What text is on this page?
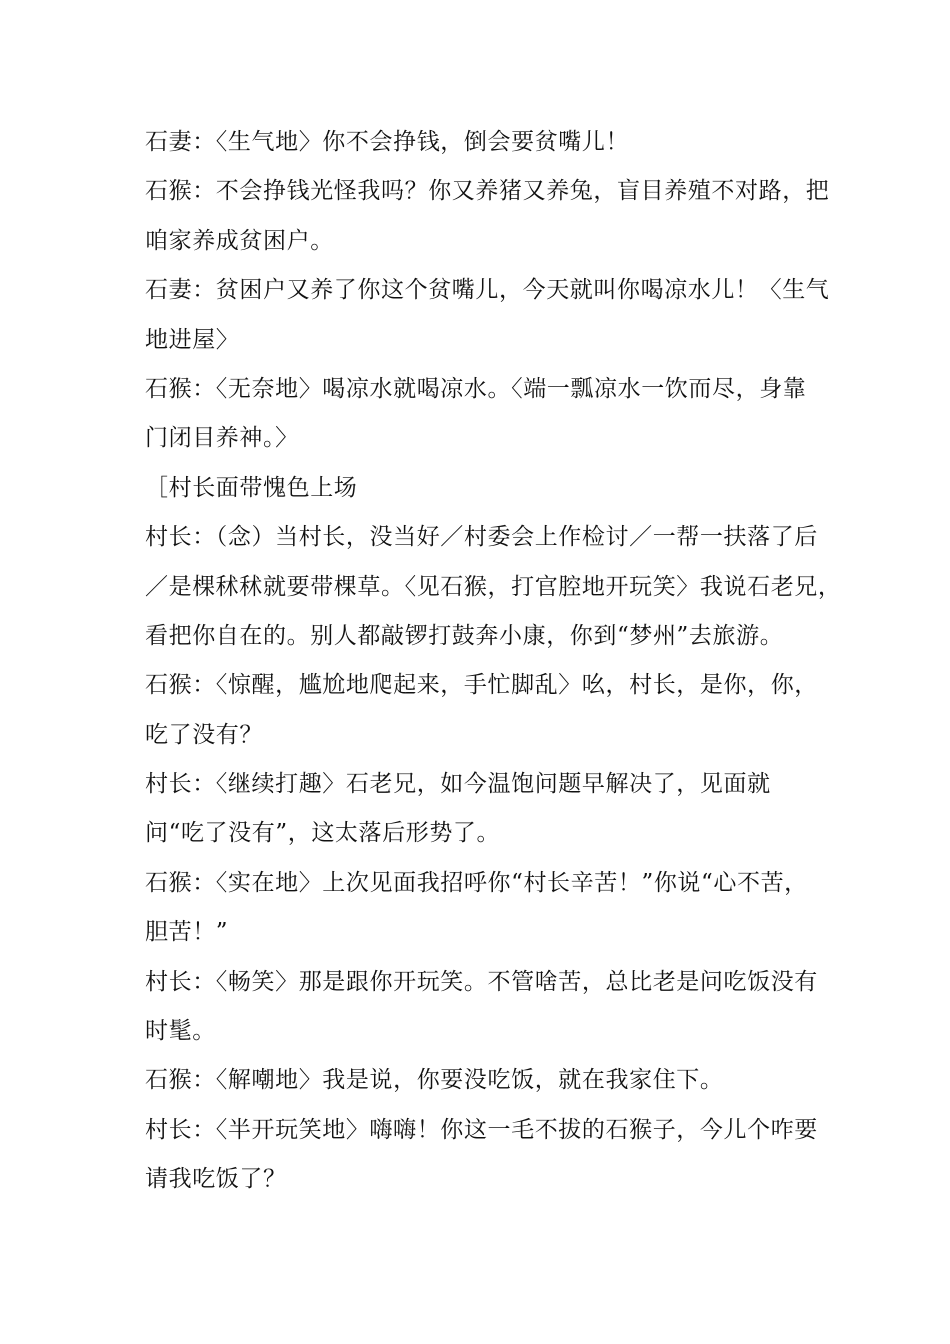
石妻：〈生气地〉你不会挣钱，倒会要贫嘴儿！
石猴：不会挣钱光怪我吗？你又养猪又养兔，盲目养殖不对路，把
咱家养成贫困户。
石妻：贫困户又养了你这个贫嘴儿，今天就叫你喝凉水儿！〈生气
地进屋〉
石猴：〈无奈地〉喝凉水就喝凉水。〈端一瓢凉水一饮而尽，身靠
门闭目养神。〉
［村长面带愧色上场
村长：（念）当村长，没当好／村委会上作检讨／一帮一扶落了后
／是棵秫秫就要带棵草。〈见石猴，打官腔地开玩笑〉我说石老兄，
看把你自在的。别人都敲锣打鼓奔小康，你到“梦州”去旅游。
石猴：〈惊醒，尴尬地爬起来，手忙脚乱〉吆，村长，是你，你，
吃了没有？
村长：〈继续打趣〉石老兄，如今温饱问题早解决了，见面就
问“吃了没有”，这太落后形势了。
石猴：〈实在地〉上次见面我招呼你“村长辛苦！”你说“心不苦，
胆苦！”
村长：〈畅笑〉那是跟你开玩笑。不管啥苦，总比老是问吃饭没有
时髦。
石猴：〈解嘲地〉我是说，你要没吃饭，就在我家住下。
村长：〈半开玩笑地〉嗨嗨！你这一毛不拔的石猴子，今儿个咋要
请我吃饭了？
